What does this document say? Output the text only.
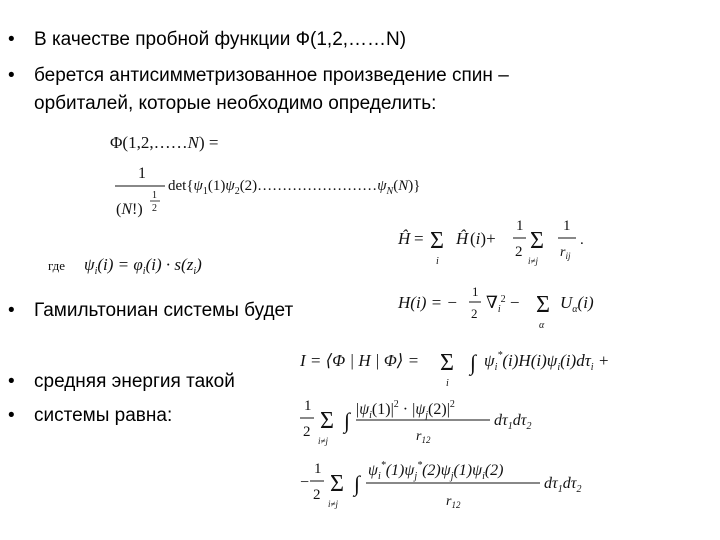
•	В качестве пробной функции Ф(1,2,……N)
•	берется антисимметризованное произведение спин –
орбиталей, которые необходимо определить:
•	Гамильтониан системы будет
•	средняя энергия такой
•	системы равна:
Φ(1,2,……N) =
1
(N!)
1
2
$\det\{\psi_1(1)\psi_2(2)\dots\dots\dots\dots\dots\dots\dots\dots\psi_N(N)\}$
где $\psi_i(i) = \varphi_i(i) \cdot s(z_i)$
Ĥ = Σ
i
Ĥ (i)+
1
2 Σ
i≠j
1
$r_{ij}$
.
H(i) = −
1
2
$\nabla_i^2 - \Sigma$
α
$U_\alpha(i)$
I = ⟨Φ | H | Φ⟩ = Σ
i
∫ $\psi_i^*(i)H(i)\psi_i(i)d\tau_i$ +
1
2 Σ
i≠j
∫ $|\psi_i(1)|^2 \cdot |\psi_j(2)|^2$
$r_{12}$
$d\tau_1d\tau_2$
−
1
2 Σ
i≠j
∫
$\psi_i^*(1)\psi_j^*(2)\psi_j(1)\psi_i(2)$
$r_{12}$
$d\tau_1d\tau_2$
